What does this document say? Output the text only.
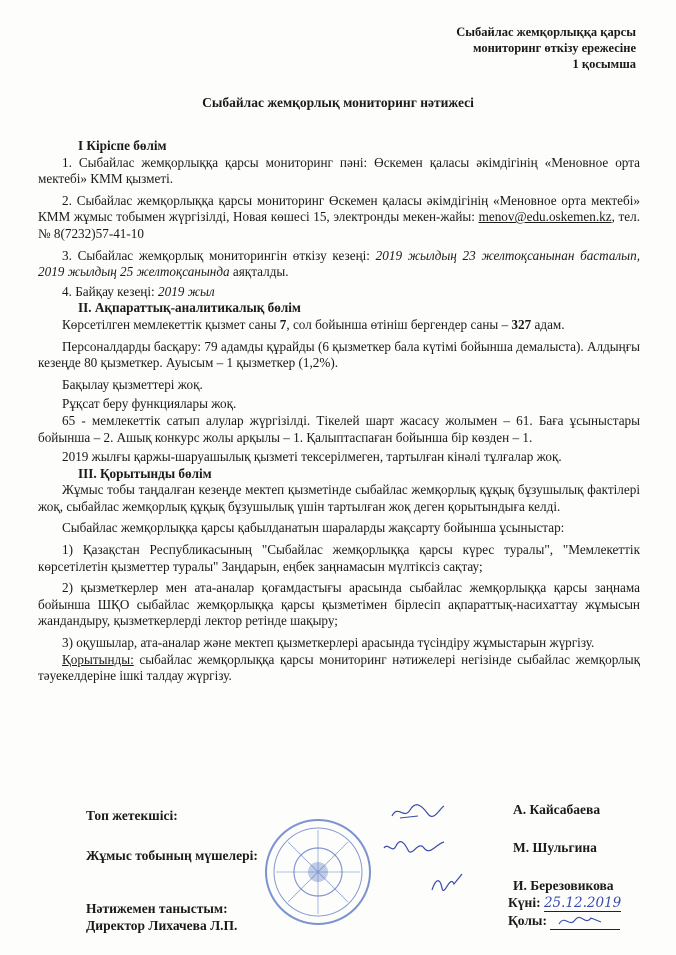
Сыбайлас жемқорлыққа қарсы
мониторинг өткізу ережесіне
1 қосымша
Сыбайлас жемқорлық мониторинг нәтижесі

I Кіріспе бөлім

1. Сыбайлас жемқорлыққа қарсы мониторинг пәні: Өскемен қаласы әкімдігінің «Меновное орта мектебі» КММ қызметі.

2. Сыбайлас жемқорлыққа қарсы мониторинг Өскемен қаласы әкімдігінің «Меновное орта мектебі» КММ жұмыс тобымен жүргізілді, Новая көшесі 15, электронды мекен-жайы: menov@edu.oskemen.kz, тел. № 8(7232)57-41-10

3. Сыбайлас жемқорлық мониторингін өткізу кезеңі: 2019 жылдың 23 желтоқсанынан басталып, 2019 жылдың 25 желтоқсанында аяқталды.

4. Байқау кезеңі: 2019 жыл

II. Ақпараттық-аналитикалық бөлім

Көрсетілген мемлекеттік қызмет саны 7, сол бойынша өтініш бергендер саны – 327 адам.

Персоналдарды басқару: 79 адамды құрайды (6 қызметкер бала күтімі бойынша демалыста). Алдыңғы кезеңде 80 қызметкер. Ауысым – 1 қызметкер (1,2%).

Бақылау қызметтері жоқ.

Рұқсат беру функциялары жоқ.

65 - мемлекеттік сатып алулар жүргізілді. Тікелей шарт жасасу жолымен – 61. Баға ұсыныстары бойынша – 2. Ашық конкурс жолы арқылы – 1. Қалыптаспаған бойынша бір көзден – 1.

2019 жылғы қаржы-шаруашылық қызметі тексерілмеген, тартылған кінәлі тұлғалар жоқ.

III. Қорытынды бөлім

Жұмыс тобы таңдалған кезеңде мектеп қызметінде сыбайлас жемқорлық құқық бұзушылық фактілері жоқ, сыбайлас жемқорлық құқық бұзушылық үшін тартылған жоқ деген қорытындыға келді.

Сыбайлас жемқорлыққа қарсы қабылданатын шараларды жақсарту бойынша ұсыныстар:

1) Қазақстан Республикасының "Сыбайлас жемқорлыққа қарсы күрес туралы", "Мемлекеттік көрсетілетін қызметтер туралы" Заңдарын, еңбек заңнамасын мүлтіксіз сақтау;

2) қызметкерлер мен ата-аналар қоғамдастығы арасында сыбайлас жемқорлыққа қарсы заңнама бойынша ШҚО сыбайлас жемқорлыққа қарсы қызметімен бірлесіп ақпараттық-насихаттау жұмысын жандандыру, қызметкерлерді лектор ретінде шақыру;

3) оқушылар, ата-аналар және мектеп қызметкерлері арасында түсіндіру жұмыстарын жүргізу.

Қорытынды: сыбайлас жемқорлыққа қарсы мониторинг нәтижелері негізінде сыбайлас жемқорлық тәуекелдеріне ішкі талдау жүргізу.

Топ жетекшісі:
Жұмыс тобының мүшелері:
Нәтижемен таныстым:
Директор Лихачева Л.П.
А. Кайсабаева
М. Шульгина
И. Березовикова
Күні: 25.12.2019
Қолы:
